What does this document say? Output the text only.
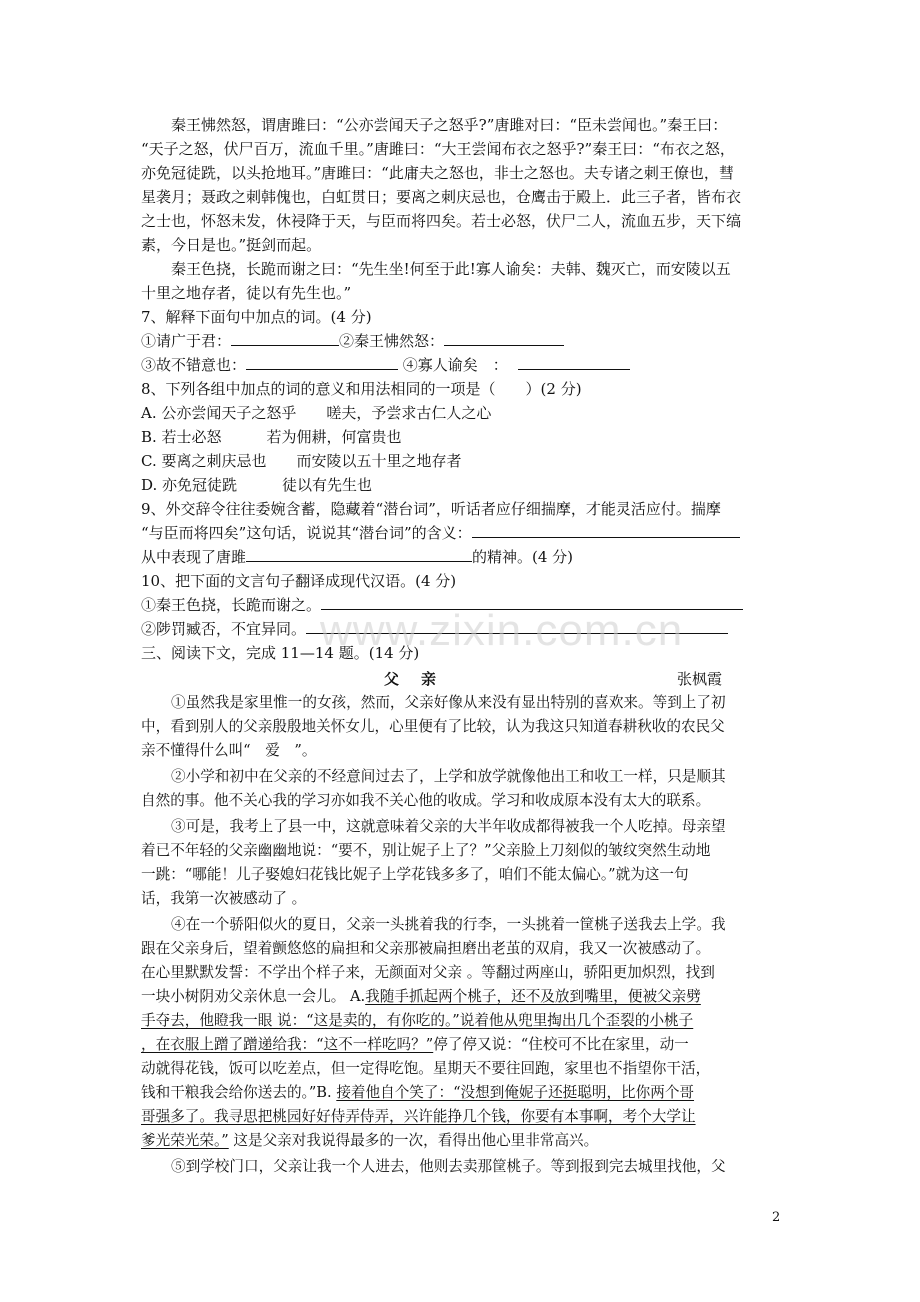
秦王怫然怒，谓唐雎曰：“公亦尝闻天子之怒乎?”唐雎对曰：“臣未尝闻也。”秦王曰：
“天子之怒，伏尸百万，流血千里。”唐雎曰：“大王尝闻布衣之怒乎?”秦王曰：“布衣之怒，
亦免冠徒跣，以头抢地耳。”唐雎曰：“此庸夫之怒也，非士之怒也。夫专诸之刺王僚也，彗
星袭月；聂政之刺韩傀也，白虹贯日；要离之刺庆忌也，仓鹰击于殿上．此三子者，皆布衣
之士也，怀怒未发，休祲降于天，与臣而将四矣。若士必怒，伏尸二人，流血五步，天下缟
素，今日是也。”挺剑而起。
秦王色挠，长跪而谢之曰：“先生坐!何至于此!寡人谕矣：夫韩、魏灭亡，而安陵以五
十里之地存者，徒以有先生也。”
7、解释下面句中加点的词。(4 分)
①请广于君：	②秦王怫然怒：
③故不错意也：	④寡人谕矣　：
8、下列各组中加点的词的意义和用法相同的一项是（　　）(2 分)
A. 公亦尝闻天子之怒乎　　嗟夫，予尝求古仁人之心
B. 若士必怒　　　若为佣耕，何富贵也
C. 要离之刺庆忌也　　而安陵以五十里之地存者
D. 亦免冠徒跣　　　徒以有先生也
9、外交辞令往往委婉含蓄，隐藏着“潜台词”，听话者应仔细揣摩，才能灵活应付。揣摩
“与臣而将四矣”这句话，说说其“潜台词”的含义：
从中表现了唐雎	的精神。(4 分)
10、把下面的文言句子翻译成现代汉语。(4 分)
①秦王色挠，长跪而谢之。
②陟罚臧否，不宜异同。 www.zixin.com.cn
三、阅读下文，完成 11—14 题。(14 分)
父亲	张枫霞
①虽然我是家里惟一的女孩，然而，父亲好像从来没有显出特别的喜欢来。等到上了初
中，看到别人的父亲殷殷地关怀女儿，心里便有了比较，认为我这只知道春耕秋收的农民父
亲不懂得什么叫“　爱　”。
②小学和初中在父亲的不经意间过去了，上学和放学就像他出工和收工一样，只是顺其
自然的事。他不关心我的学习亦如我不关心他的收成。学习和收成原本没有太大的联系。
③可是，我考上了县一中，这就意味着父亲的大半年收成都得被我一个人吃掉。母亲望
着已不年轻的父亲幽幽地说：“要不，别让妮子上了？”父亲脸上刀刻似的皱纹突然生动地
一跳：“哪能！儿子娶媳妇花钱比妮子上学花钱多多了，咱们不能太偏心。”就为这一句
话，我第一次被感动了 。
④在一个骄阳似火的夏日，父亲一头挑着我的行李，一头挑着一筐桃子送我去上学。我
跟在父亲身后，望着颤悠悠的扁担和父亲那被扁担磨出老茧的双肩，我又一次被感动了。
在心里默默发誓：不学出个样子来，无颜面对父亲 。等翻过两座山，骄阳更加炽烈，找到
一块小树阴劝父亲休息一会儿。 A.我随手抓起两个桃子，还不及放到嘴里，便被父亲劈
手夺去，他瞪我一眼 说：“这是卖的，有你吃的。”说着他从兜里掏出几个歪裂的小桃子
，在衣服上蹭了蹭递给我：“这不一样吃吗？”停了停又说：“住校可不比在家里，动一
动就得花钱，饭可以吃差点，但一定得吃饱。星期天不要往回跑，家里也不指望你干活，
钱和干粮我会给你送去的。”B. 接着他自个笑了：“没想到俺妮子还挺聪明，比你两个哥
哥强多了。我寻思把桃园好好侍弄侍弄，兴许能挣几个钱，你要有本事啊，考个大学让
爹光荣光荣。” 这是父亲对我说得最多的一次，看得出他心里非常高兴。
⑤到学校门口，父亲让我一个人进去，他则去卖那筐桃子。等到报到完去城里找他，父
2
